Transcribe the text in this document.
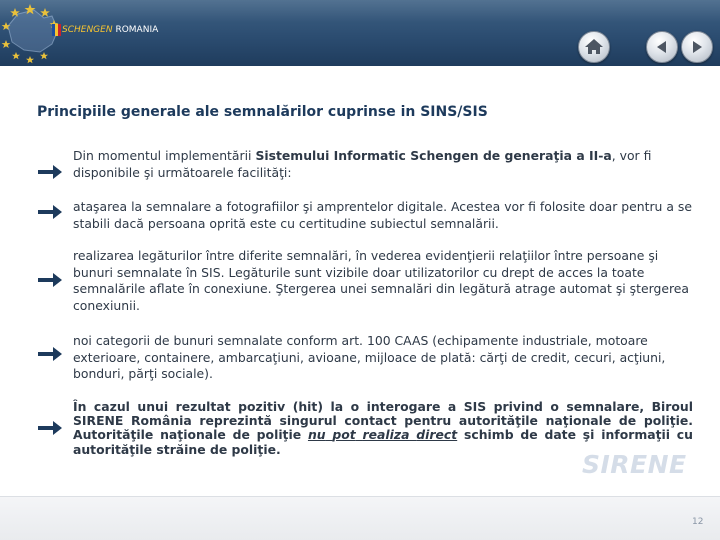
SCHENGEN ROMANIA
Principiile generale ale semnalărilor cuprinse in SINS/SIS

Din momentul implementării Sistemului Informatic Schengen de generaţia a II-a, vor fi disponibile şi următoarele facilităţi:

ataşarea la semnalare a fotografiilor şi amprentelor digitale. Acestea vor fi folosite doar pentru a se stabili dacă persoana oprită este cu certitudine subiectul semnalării.

realizarea legăturilor între diferite semnalări, în vederea evidenţierii relaţiilor între persoane şi bunuri semnalate în SIS. Legăturile sunt vizibile doar utilizatorilor cu drept de acces la toate semnalările aflate în conexiune. Ştergerea unei semnalări din legătură atrage automat şi ştergerea conexiunii.

noi categorii de bunuri semnalate conform art. 100 CAAS (echipamente industriale, motoare exterioare, containere, ambarcaţiuni, avioane, mijloace de plată: cărţi de credit, cecuri, acţiuni, bonduri, părţi sociale).

În cazul unui rezultat pozitiv (hit) la o interogare a SIS privind o semnalare, Biroul SIRENE România reprezintă singurul contact pentru autorităţile naţionale de poliţie. Autorităţile naţionale de poliţie nu pot realiza direct schimb de date şi informaţii cu autorităţile străine de poliţie.

SIRENE
12
